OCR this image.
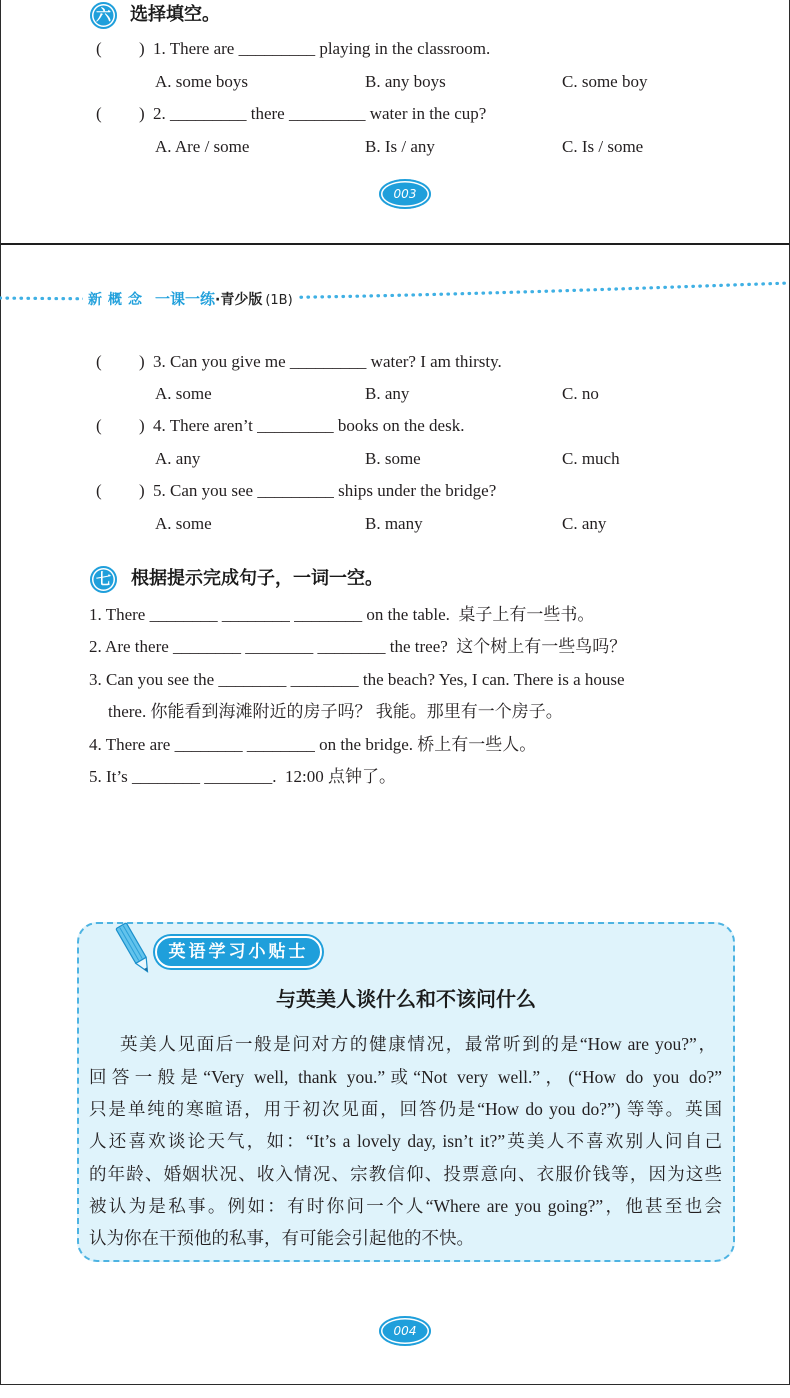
六	选择填空。
( ) 1. There are _________ playing in the classroom.
A. some boys	B. any boys	C. some boy
( ) 2. _________ there _________ water in the cup?
A. Are / some	B. Is / any	C. Is / some
003
新概念 一课一练·青少版 (1B)
( ) 3. Can you give me _________ water? I am thirsty.
A. some	B. any	C. no
( ) 4. There aren’t _________ books on the desk.
A. any	B. some	C. much
( ) 5. Can you see _________ ships under the bridge?
A. some	B. many	C. any
七	根据提示完成句子，一词一空。
1. There ________ ________ ________ on the table.  桌子上有一些书。
2. Are there ________ ________ ________ the tree?  这个树上有一些鸟吗？
3. Can you see the ________ ________ the beach? Yes, I can. There is a house
there. 你能看到海滩附近的房子吗？ 我能。那里有一个房子。
4. There are ________ ________ on the bridge. 桥上有一些人。
5. It’s ________ ________.  12:00 点钟了。
英语学习小贴士
与英美人谈什么和不该问什么
英美人见面后一般是问对方的健康情况，最常听到的是“How are you?”，
回答一般是“Very well, thank you.”或“Not very well.”，(“How do you do?”
只是单纯的寒暄语，用于初次见面，回答仍是“How do you do?”) 等等。英国
人还喜欢谈论天气，如：“It’s a lovely day, isn’t it?”英美人不喜欢别人问自己
的年龄、婚姻状况、收入情况、宗教信仰、投票意向、衣服价钱等，因为这些
被认为是私事。例如：有时你问一个人“Where are you going?”，他甚至也会
认为你在干预他的私事，有可能会引起他的不快。
004
